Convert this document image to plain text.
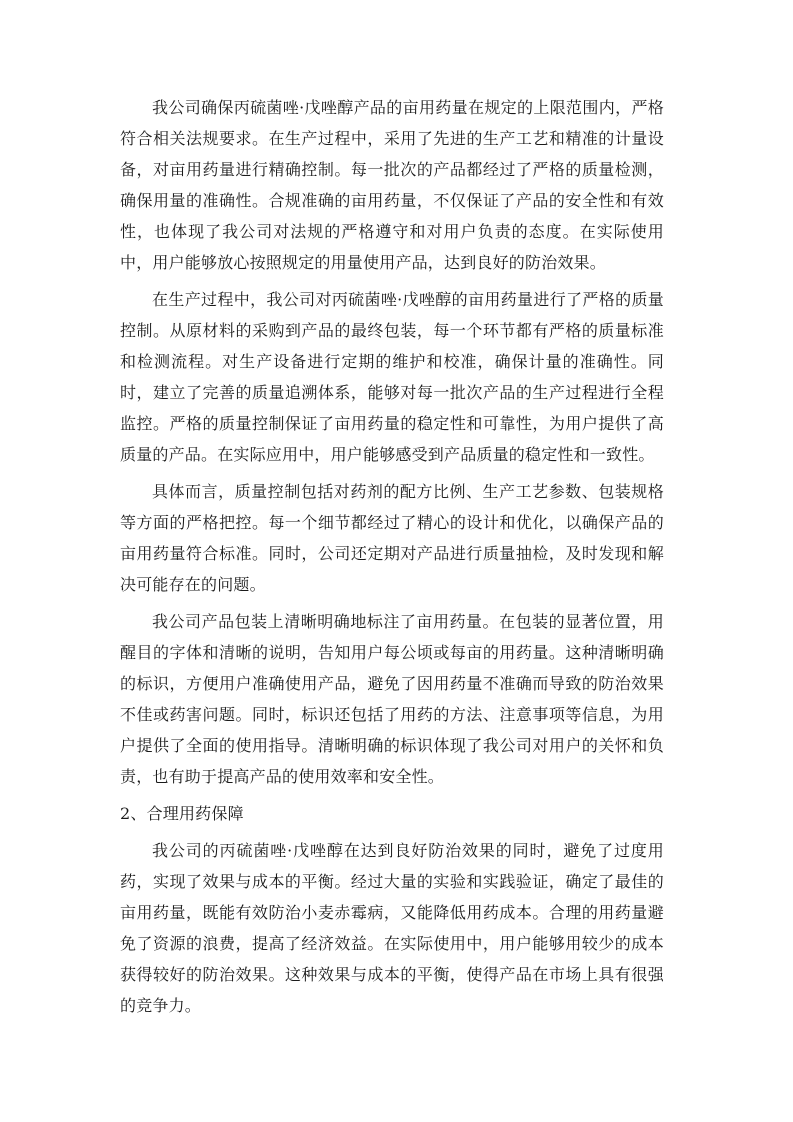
我公司确保丙硫菌唑·戊唑醇产品的亩用药量在规定的上限范围内，严格符合相关法规要求。在生产过程中，采用了先进的生产工艺和精准的计量设备，对亩用药量进行精确控制。每一批次的产品都经过了严格的质量检测，确保用量的准确性。合规准确的亩用药量，不仅保证了产品的安全性和有效性，也体现了我公司对法规的严格遵守和对用户负责的态度。在实际使用中，用户能够放心按照规定的用量使用产品，达到良好的防治效果。

在生产过程中，我公司对丙硫菌唑·戊唑醇的亩用药量进行了严格的质量控制。从原材料的采购到产品的最终包装，每一个环节都有严格的质量标准和检测流程。对生产设备进行定期的维护和校准，确保计量的准确性。同时，建立了完善的质量追溯体系，能够对每一批次产品的生产过程进行全程监控。严格的质量控制保证了亩用药量的稳定性和可靠性，为用户提供了高质量的产品。在实际应用中，用户能够感受到产品质量的稳定性和一致性。

具体而言，质量控制包括对药剂的配方比例、生产工艺参数、包装规格等方面的严格把控。每一个细节都经过了精心的设计和优化，以确保产品的亩用药量符合标准。同时，公司还定期对产品进行质量抽检，及时发现和解决可能存在的问题。

我公司产品包装上清晰明确地标注了亩用药量。在包装的显著位置，用醒目的字体和清晰的说明，告知用户每公顷或每亩的用药量。这种清晰明确的标识，方便用户准确使用产品，避免了因用药量不准确而导致的防治效果不佳或药害问题。同时，标识还包括了用药的方法、注意事项等信息，为用户提供了全面的使用指导。清晰明确的标识体现了我公司对用户的关怀和负责，也有助于提高产品的使用效率和安全性。

2、合理用药保障

我公司的丙硫菌唑·戊唑醇在达到良好防治效果的同时，避免了过度用药，实现了效果与成本的平衡。经过大量的实验和实践验证，确定了最佳的亩用药量，既能有效防治小麦赤霉病，又能降低用药成本。合理的用药量避免了资源的浪费，提高了经济效益。在实际使用中，用户能够用较少的成本获得较好的防治效果。这种效果与成本的平衡，使得产品在市场上具有很强的竞争力。
